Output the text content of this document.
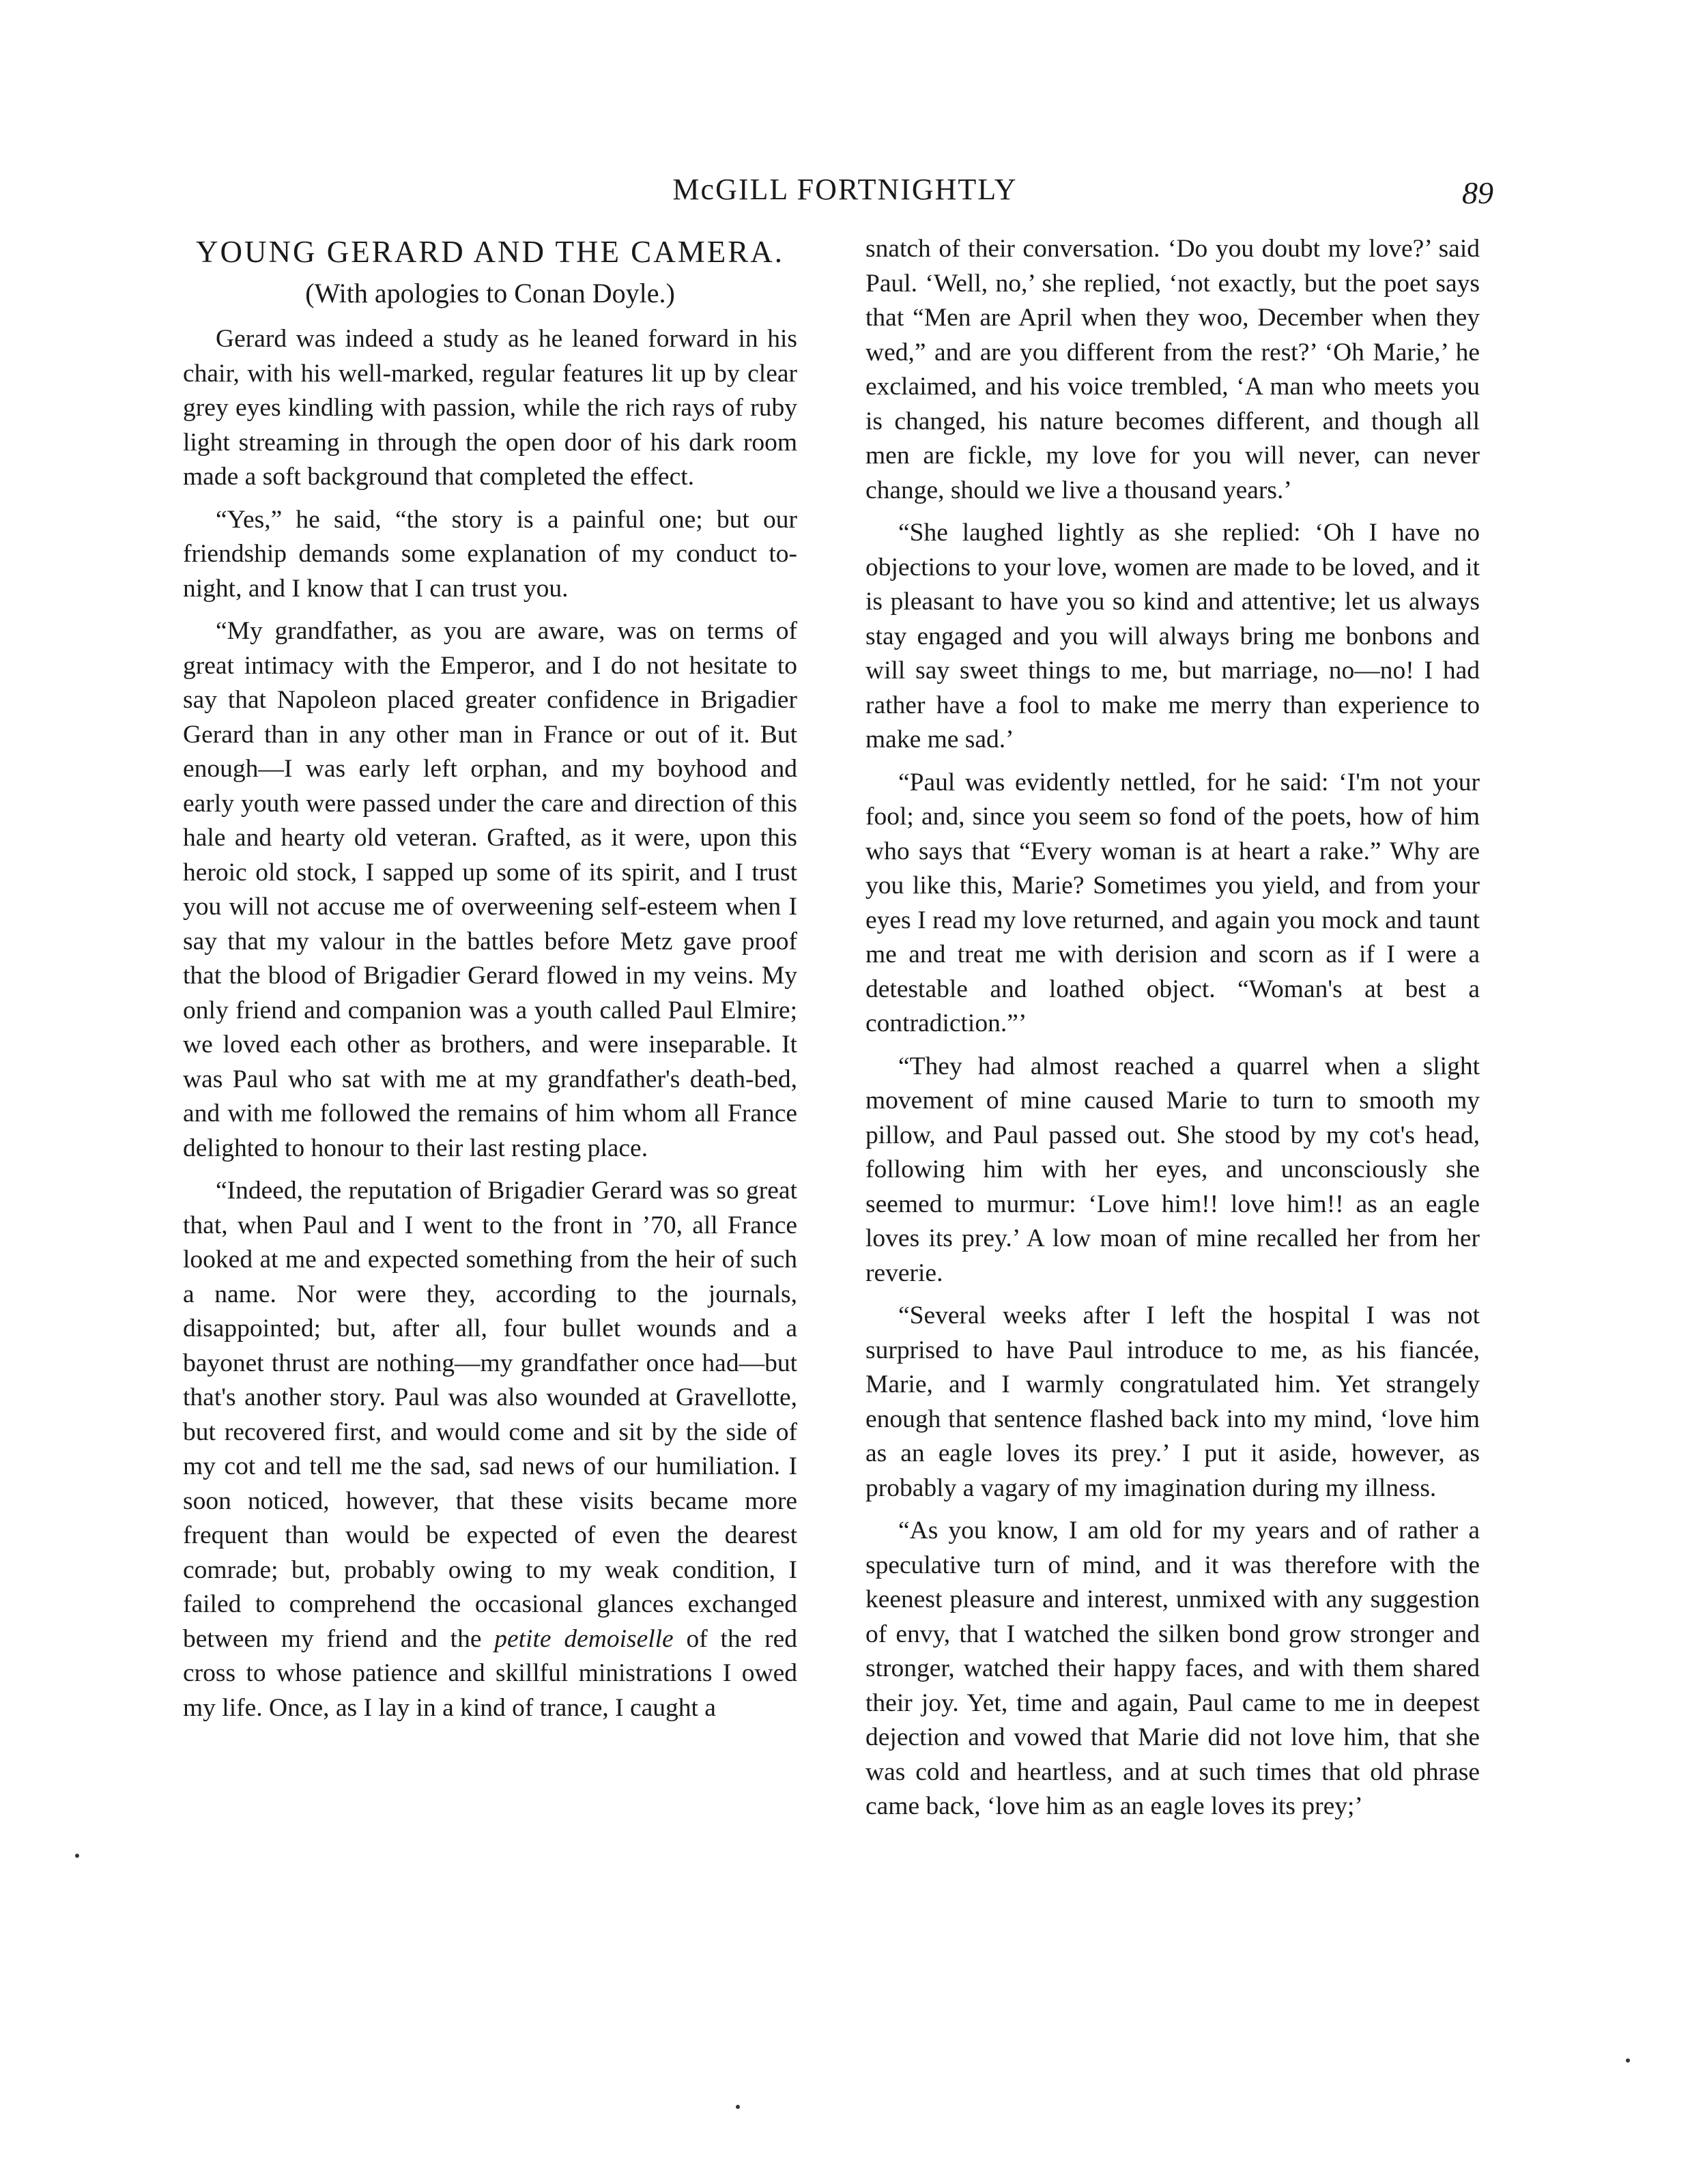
McGILL FORTNIGHTLY	89
YOUNG GERARD AND THE CAMERA.
(With apologies to Conan Doyle.)

Gerard was indeed a study as he leaned forward in his chair, with his well-marked, regular features lit up by clear grey eyes kindling with passion, while the rich rays of ruby light streaming in through the open door of his dark room made a soft background that completed the effect.

“Yes,” he said, “the story is a painful one; but our friendship demands some explanation of my conduct to-night, and I know that I can trust you.

“My grandfather, as you are aware, was on terms of great intimacy with the Emperor, and I do not hesitate to say that Napoleon placed greater confidence in Brigadier Gerard than in any other man in France or out of it. But enough—I was early left orphan, and my boyhood and early youth were passed under the care and direction of this hale and hearty old veteran. Grafted, as it were, upon this heroic old stock, I sapped up some of its spirit, and I trust you will not accuse me of overweening self-esteem when I say that my valour in the battles before Metz gave proof that the blood of Brigadier Gerard flowed in my veins. My only friend and companion was a youth called Paul Elmire; we loved each other as brothers, and were inseparable. It was Paul who sat with me at my grandfather's death-bed, and with me followed the remains of him whom all France delighted to honour to their last resting place.

“Indeed, the reputation of Brigadier Gerard was so great that, when Paul and I went to the front in ’70, all France looked at me and expected something from the heir of such a name. Nor were they, according to the journals, disappointed; but, after all, four bullet wounds and a bayonet thrust are nothing—my grandfather once had—but that's another story. Paul was also wounded at Gravellotte, but recovered first, and would come and sit by the side of my cot and tell me the sad, sad news of our humiliation. I soon noticed, however, that these visits became more frequent than would be expected of even the dearest comrade; but, probably owing to my weak condition, I failed to comprehend the occasional glances exchanged between my friend and the petite demoiselle of the red cross to whose patience and skillful ministrations I owed my life. Once, as I lay in a kind of trance, I caught a

snatch of their conversation. ‘Do you doubt my love?’ said Paul. ‘Well, no,’ she replied, ‘not exactly, but the poet says that “Men are April when they woo, December when they wed,” and are you different from the rest?’ ‘Oh Marie,’ he exclaimed, and his voice trembled, ‘A man who meets you is changed, his nature becomes different, and though all men are fickle, my love for you will never, can never change, should we live a thousand years.’

“She laughed lightly as she replied: ‘Oh I have no objections to your love, women are made to be loved, and it is pleasant to have you so kind and attentive; let us always stay engaged and you will always bring me bonbons and will say sweet things to me, but marriage, no—no! I had rather have a fool to make me merry than experience to make me sad.’

“Paul was evidently nettled, for he said: ‘I'm not your fool; and, since you seem so fond of the poets, how of him who says that “Every woman is at heart a rake.” Why are you like this, Marie? Sometimes you yield, and from your eyes I read my love returned, and again you mock and taunt me and treat me with derision and scorn as if I were a detestable and loathed object. “Woman's at best a contradiction.”’

“They had almost reached a quarrel when a slight movement of mine caused Marie to turn to smooth my pillow, and Paul passed out. She stood by my cot's head, following him with her eyes, and unconsciously she seemed to murmur: ‘Love him!! love him!! as an eagle loves its prey.’ A low moan of mine recalled her from her reverie.

“Several weeks after I left the hospital I was not surprised to have Paul introduce to me, as his fiancée, Marie, and I warmly congratulated him. Yet strangely enough that sentence flashed back into my mind, ‘love him as an eagle loves its prey.’ I put it aside, however, as probably a vagary of my imagination during my illness.

“As you know, I am old for my years and of rather a speculative turn of mind, and it was therefore with the keenest pleasure and interest, unmixed with any suggestion of envy, that I watched the silken bond grow stronger and stronger, watched their happy faces, and with them shared their joy. Yet, time and again, Paul came to me in deepest dejection and vowed that Marie did not love him, that she was cold and heartless, and at such times that old phrase came back, ‘love him as an eagle loves its prey;’
